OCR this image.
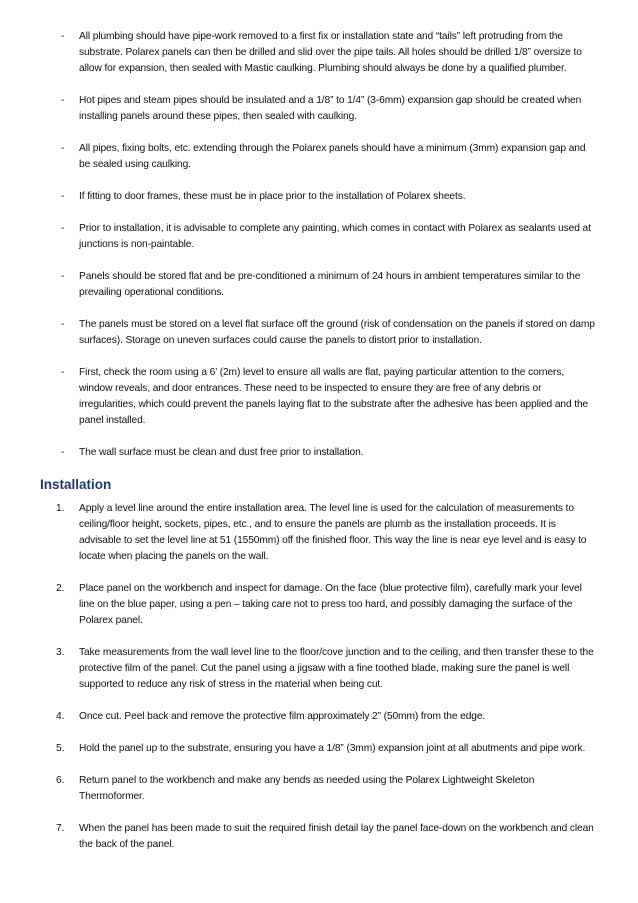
- All plumbing should have pipe-work removed to a first fix or installation state and “tails” left protruding from the substrate. Polarex panels can then be drilled and slid over the pipe tails. All holes should be drilled 1/8” oversize to allow for expansion, then sealed with Mastic caulking. Plumbing should always be done by a qualified plumber.
- Hot pipes and steam pipes should be insulated and a 1/8” to 1/4” (3-6mm) expansion gap should be created when installing panels around these pipes, then sealed with caulking.
- All pipes, fixing bolts, etc. extending through the Polarex panels should have a minimum (3mm) expansion gap and be sealed using caulking.
- If fitting to door frames, these must be in place prior to the installation of Polarex sheets.
- Prior to installation, it is advisable to complete any painting, which comes in contact with Polarex as sealants used at junctions is non-paintable.
- Panels should be stored flat and be pre-conditioned a minimum of 24 hours in ambient temperatures similar to the prevailing operational conditions.
- The panels must be stored on a level flat surface off the ground (risk of condensation on the panels if stored on damp surfaces). Storage on uneven surfaces could cause the panels to distort prior to installation.
- First, check the room using a 6’ (2m) level to ensure all walls are flat, paying particular attention to the corners, window reveals, and door entrances. These need to be inspected to ensure they are free of any debris or irregularities, which could prevent the panels laying flat to the substrate after the adhesive has been applied and the panel installed.
- The wall surface must be clean and dust free prior to installation.
Installation
1. Apply a level line around the entire installation area. The level line is used for the calculation of measurements to ceiling/floor height, sockets, pipes, etc., and to ensure the panels are plumb as the installation proceeds. It is advisable to set the level line at 51 (1550mm) off the finished floor. This way the line is near eye level and is easy to locate when placing the panels on the wall.
2. Place panel on the workbench and inspect for damage. On the face (blue protective film), carefully mark your level line on the blue paper, using a pen – taking care not to press too hard, and possibly damaging the surface of the Polarex panel.
3. Take measurements from the wall level line to the floor/cove junction and to the ceiling, and then transfer these to the protective film of the panel. Cut the panel using a jigsaw with a fine toothed blade, making sure the panel is well supported to reduce any risk of stress in the material when being cut.
4. Once cut. Peel back and remove the protective film approximately 2” (50mm) from the edge.
5. Hold the panel up to the substrate, ensuring you have a 1/8” (3mm) expansion joint at all abutments and pipe work.
6. Return panel to the workbench and make any bends as needed using the Polarex Lightweight Skeleton Thermoformer.
7. When the panel has been made to suit the required finish detail lay the panel face-down on the workbench and clean the back of the panel.
